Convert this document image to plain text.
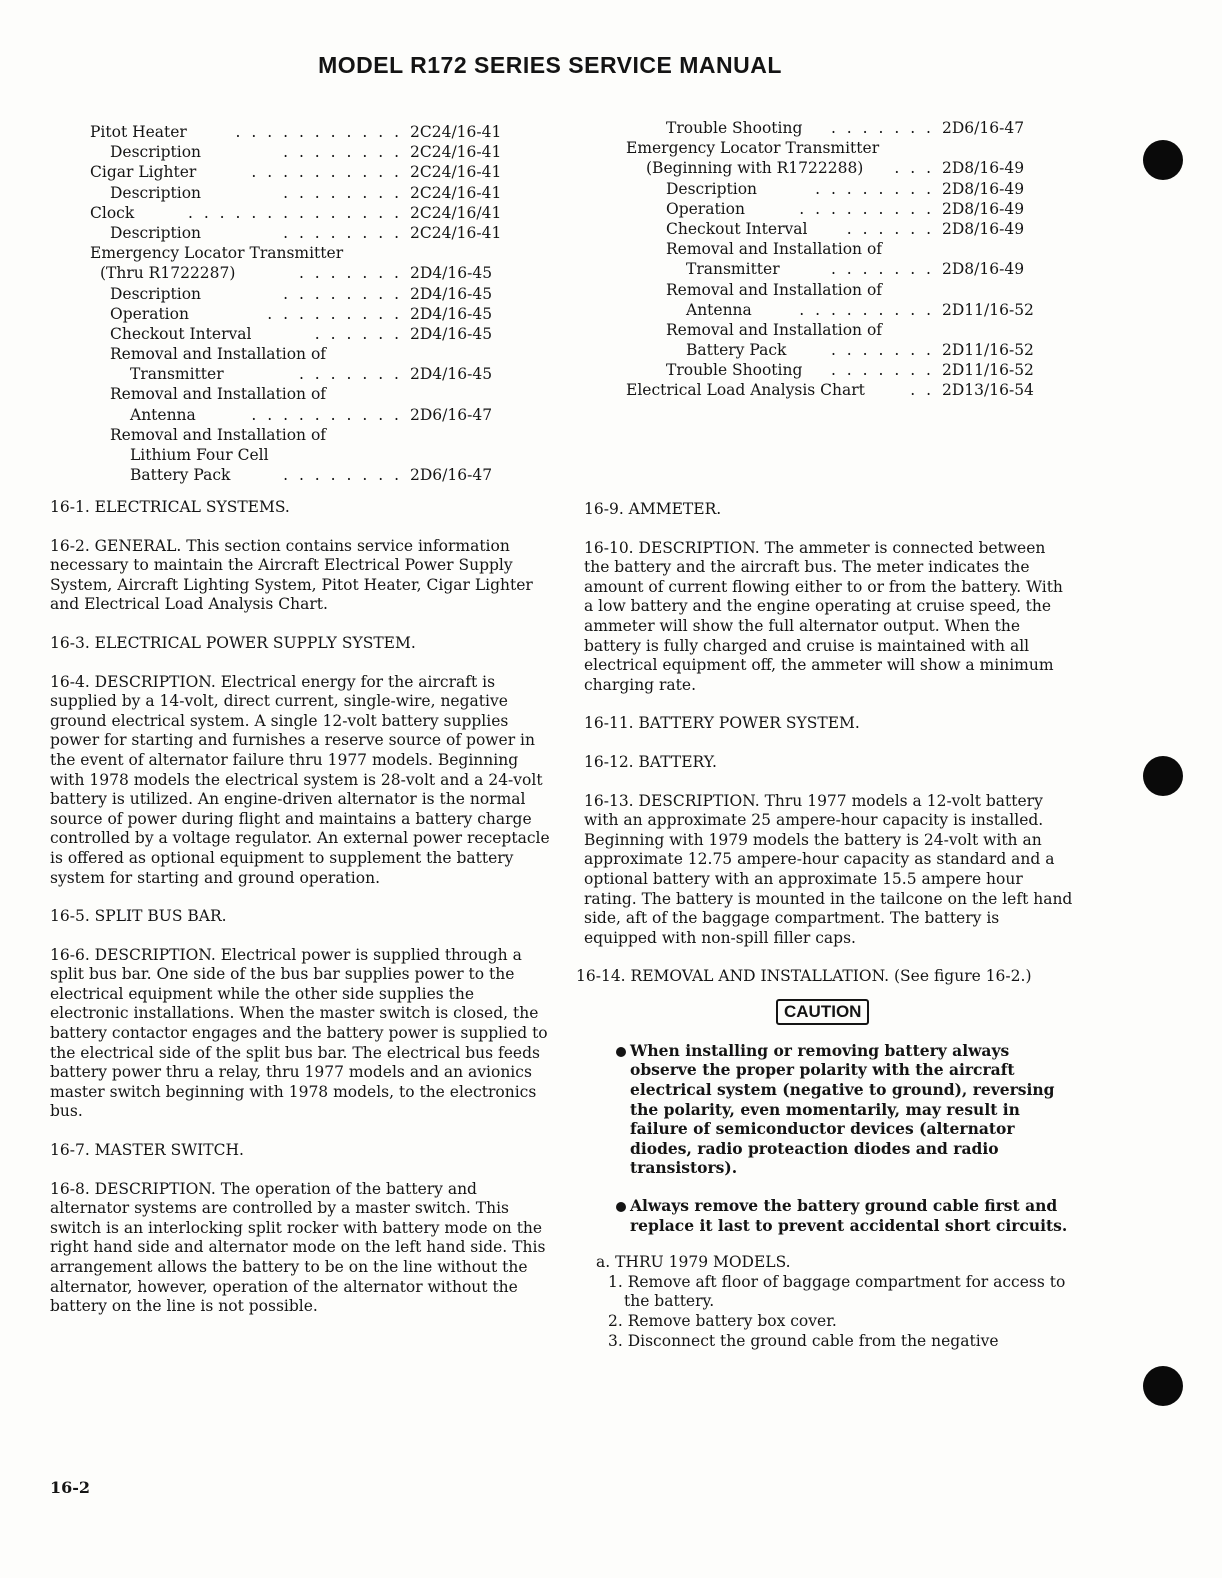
MODEL R172 SERIES SERVICE MANUAL
Pitot Heater	. . . . . . . . . . . 2C24/16-41
Description	. . . . . . . . 2C24/16-41
Cigar Lighter	. . . . . . . . . . 2C24/16-41
Description	. . . . . . . . 2C24/16-41
Clock	. . . . . . . . . . . . . . 2C24/16/41
Description	. . . . . . . . 2C24/16-41
Emergency Locator Transmitter
(Thru R1722287)	. . . . . . . 2D4/16-45
Description	. . . . . . . . 2D4/16-45
Operation	. . . . . . . . . 2D4/16-45
Checkout Interval	. . . . . . 2D4/16-45
Removal and Installation of
Transmitter	. . . . . . . 2D4/16-45
Removal and Installation of
Antenna	. . . . . . . . . . 2D6/16-47
Removal and Installation of
Lithium Four Cell
Battery Pack	. . . . . . . . 2D6/16-47
Trouble Shooting . . . . . . . 2D6/16-47
Emergency Locator Transmitter
(Beginning with R1722288) . . . 2D8/16-49
Description	. . . . . . . . 2D8/16-49
Operation	. . . . . . . . . 2D8/16-49
Checkout Interval	. . . . . . 2D8/16-49
Removal and Installation of
Transmitter	. . . . . . . 2D8/16-49
Removal and Installation of
Antenna	. . . . . . . . . 2D11/16-52
Removal and Installation of
Battery Pack	. . . . . . . 2D11/16-52
Trouble Shooting . . . . . . . 2D11/16-52
Electrical Load Analysis Chart	. . 2D13/16-54
16-1. ELECTRICAL SYSTEMS.
16-2. GENERAL. This section contains service information necessary to maintain the Aircraft Electrical Power Supply System, Aircraft Lighting System, Pitot Heater, Cigar Lighter and Electrical Load Analysis Chart.
16-3. ELECTRICAL POWER SUPPLY SYSTEM.
16-4. DESCRIPTION. Electrical energy for the aircraft is supplied by a 14-volt, direct current, single-wire, negative ground electrical system. A single 12-volt battery supplies power for starting and furnishes a reserve source of power in the event of alternator failure thru 1977 models. Beginning with 1978 models the electrical system is 28-volt and a 24-volt battery is utilized. An engine-driven alternator is the normal source of power during flight and maintains a battery charge controlled by a voltage regulator. An external power receptacle is offered as optional equipment to supplement the battery system for starting and ground operation.
16-5. SPLIT BUS BAR.
16-6. DESCRIPTION. Electrical power is supplied through a split bus bar. One side of the bus bar supplies power to the electrical equipment while the other side supplies the electronic installations. When the master switch is closed, the battery contactor engages and the battery power is supplied to the electrical side of the split bus bar. The electrical bus feeds battery power thru a relay, thru 1977 models and an avionics master switch beginning with 1978 models, to the electronics bus.
16-7. MASTER SWITCH.
16-8. DESCRIPTION. The operation of the battery and alternator systems are controlled by a master switch. This switch is an interlocking split rocker with battery mode on the right hand side and alternator mode on the left hand side. This arrangement allows the battery to be on the line without the alternator, however, operation of the alternator without the battery on the line is not possible.
16-9. AMMETER.
16-10. DESCRIPTION. The ammeter is connected between the battery and the aircraft bus. The meter indicates the amount of current flowing either to or from the battery. With a low battery and the engine operating at cruise speed, the ammeter will show the full alternator output. When the battery is fully charged and cruise is maintained with all electrical equipment off, the ammeter will show a minimum charging rate.
16-11. BATTERY POWER SYSTEM.
16-12. BATTERY.
16-13. DESCRIPTION. Thru 1977 models a 12-volt battery with an approximate 25 ampere-hour capacity is installed. Beginning with 1979 models the battery is 24-volt with an approximate 12.75 ampere-hour capacity as standard and a optional battery with an approximate 15.5 ampere hour rating. The battery is mounted in the tailcone on the left hand side, aft of the baggage compartment. The battery is equipped with non-spill filler caps.
16-14. REMOVAL AND INSTALLATION. (See figure 16-2.)
CAUTION
When installing or removing battery always observe the proper polarity with the aircraft electrical system (negative to ground), reversing the polarity, even momentarily, may result in failure of semiconductor devices (alternator diodes, radio proteaction diodes and radio transistors).
Always remove the battery ground cable first and replace it last to prevent accidental short circuits.
a. THRU 1979 MODELS.
1. Remove aft floor of baggage compartment for access to the battery.
2. Remove battery box cover.
3. Disconnect the ground cable from the negative
16-2
